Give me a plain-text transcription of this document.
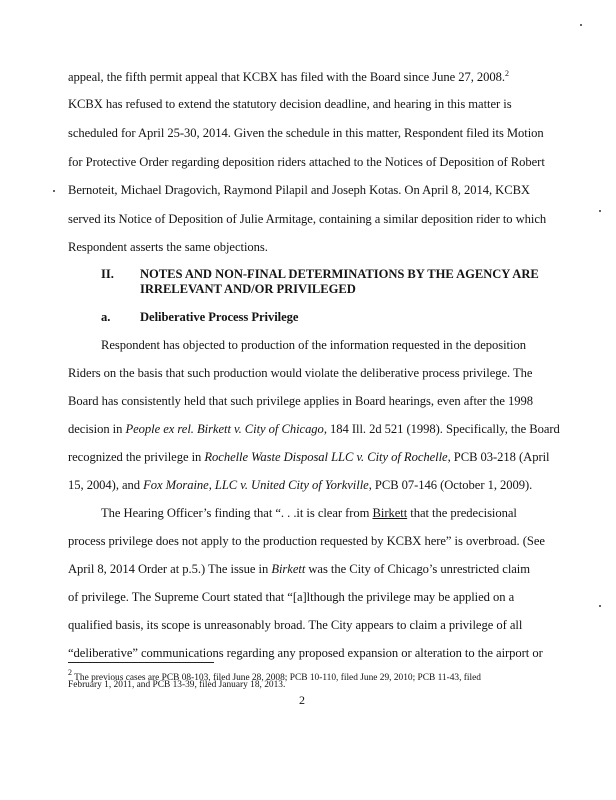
appeal, the fifth permit appeal that KCBX has filed with the Board since June 27, 2008.$^2$
KCBX has refused to extend the statutory decision deadline, and hearing in this matter is
scheduled for April 25-30, 2014. Given the schedule in this matter, Respondent filed its Motion
for Protective Order regarding deposition riders attached to the Notices of Deposition of Robert
Bernoteit, Michael Dragovich, Raymond Pilapil and Joseph Kotas. On April 8, 2014, KCBX
served its Notice of Deposition of Julie Armitage, containing a similar deposition rider to which
Respondent asserts the same objections.
II. NOTES AND NON-FINAL DETERMINATIONS BY THE AGENCY ARE
IRRELEVANT AND/OR PRIVILEGED
a. Deliberative Process Privilege
Respondent has objected to production of the information requested in the deposition
Riders on the basis that such production would violate the deliberative process privilege. The
Board has consistently held that such privilege applies in Board hearings, even after the 1998
decision in People ex rel. Birkett v. City of Chicago, 184 Ill. 2d 521 (1998). Specifically, the Board
recognized the privilege in Rochelle Waste Disposal LLC v. City of Rochelle, PCB 03-218 (April
15, 2004), and Fox Moraine, LLC v. United City of Yorkville, PCB 07-146 (October 1, 2009).
The Hearing Officer’s finding that “. . .it is clear from Birkett that the predecisional
process privilege does not apply to the production requested by KCBX here” is overbroad. (See
April 8, 2014 Order at p.5.) The issue in Birkett was the City of Chicago’s unrestricted claim
of privilege. The Supreme Court stated that “[a]lthough the privilege may be applied on a
qualified basis, its scope is unreasonably broad. The City appears to claim a privilege of all
“deliberative” communications regarding any proposed expansion or alteration to the airport or
$^2$ The previous cases are PCB 08-103, filed June 28, 2008; PCB 10-110, filed June 29, 2010; PCB 11-43, filed
February 1, 2011, and PCB 13-39, filed January 18, 2013.
2
